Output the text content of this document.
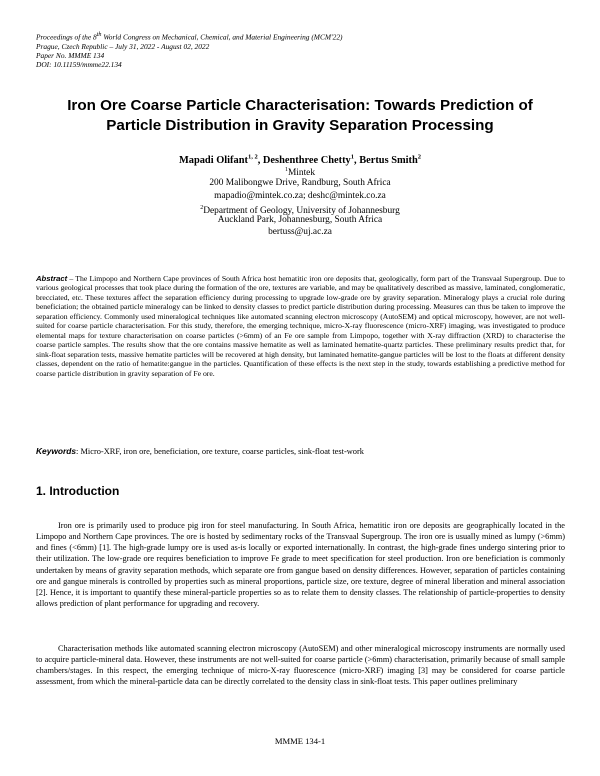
Proceedings of the 8th World Congress on Mechanical, Chemical, and Material Engineering (MCM'22)
Prague, Czech Republic – July 31, 2022 - August 02, 2022
Paper No. MMME 134
DOI: 10.11159/mmme22.134
Iron Ore Coarse Particle Characterisation: Towards Prediction of
Particle Distribution in Gravity Separation Processing
Mapadi Olifant$^{1, 2}$, Deshenthree Chetty$^1$, Bertus Smith$^2$
$^1$Mintek
200 Malibongwe Drive, Randburg, South Africa
mapadio@mintek.co.za; deshc@mintek.co.za
$^2$Department of Geology, University of Johannesburg
Auckland Park, Johannesburg, South Africa
bertuss@uj.ac.za
Abstract – The Limpopo and Northern Cape provinces of South Africa host hematitic iron ore deposits that, geologically, form part of the Transvaal Supergroup. Due to various geological processes that took place during the formation of the ore, textures are variable, and may be qualitatively described as massive, laminated, conglomeratic, brecciated, etc. These textures affect the separation efficiency during processing to upgrade low-grade ore by gravity separation. Mineralogy plays a crucial role during beneficiation; the obtained particle mineralogy can be linked to density classes to predict particle distribution during processing. Measures can thus be taken to improve the separation efficiency. Commonly used mineralogical techniques like automated scanning electron microscopy (AutoSEM) and optical microscopy, however, are not well-suited for coarse particle characterisation. For this study, therefore, the emerging technique, micro-X-ray fluorescence (micro-XRF) imaging, was investigated to produce elemental maps for texture characterisation on coarse particles (>6mm) of an Fe ore sample from Limpopo, together with X-ray diffraction (XRD) to characterise the coarse particle samples. The results show that the ore contains massive hematite as well as laminated hematite-quartz particles. These preliminary results predict that, for sink-float separation tests, massive hematite particles will be recovered at high density, but laminated hematite-gangue particles will be lost to the floats at different density classes, dependent on the ratio of hematite:gangue in the particles. Quantification of these effects is the next step in the study, towards establishing a predictive method for coarse particle distribution in gravity separation of Fe ore.
Keywords: Micro-XRF, iron ore, beneficiation, ore texture, coarse particles, sink-float test-work
1. Introduction
Iron ore is primarily used to produce pig iron for steel manufacturing. In South Africa, hematitic iron ore deposits are geographically located in the Limpopo and Northern Cape provinces. The ore is hosted by sedimentary rocks of the Transvaal Supergroup. The iron ore is usually mined as lumpy (>6mm) and fines (<6mm) [1]. The high-grade lumpy ore is used as-is locally or exported internationally. In contrast, the high-grade fines undergo sintering prior to their utilization. The low-grade ore requires beneficiation to improve Fe grade to meet specification for steel production. Iron ore beneficiation is commonly undertaken by means of gravity separation methods, which separate ore from gangue based on density differences. However, separation of particles containing ore and gangue minerals is controlled by properties such as mineral proportions, particle size, ore texture, degree of mineral liberation and mineral association [2]. Hence, it is important to quantify these mineral-particle properties so as to relate them to density classes. The relationship of particle-properties to density allows prediction of plant performance for upgrading and recovery.
Characterisation methods like automated scanning electron microscopy (AutoSEM) and other mineralogical microscopy instruments are normally used to acquire particle-mineral data. However, these instruments are not well-suited for coarse particle (>6mm) characterisation, primarily because of small sample chambers/stages. In this respect, the emerging technique of micro-X-ray fluorescence (micro-XRF) imaging [3] may be considered for coarse particle assessment, from which the mineral-particle data can be directly correlated to the density class in sink-float tests. This paper outlines preliminary
MMME 134-1
